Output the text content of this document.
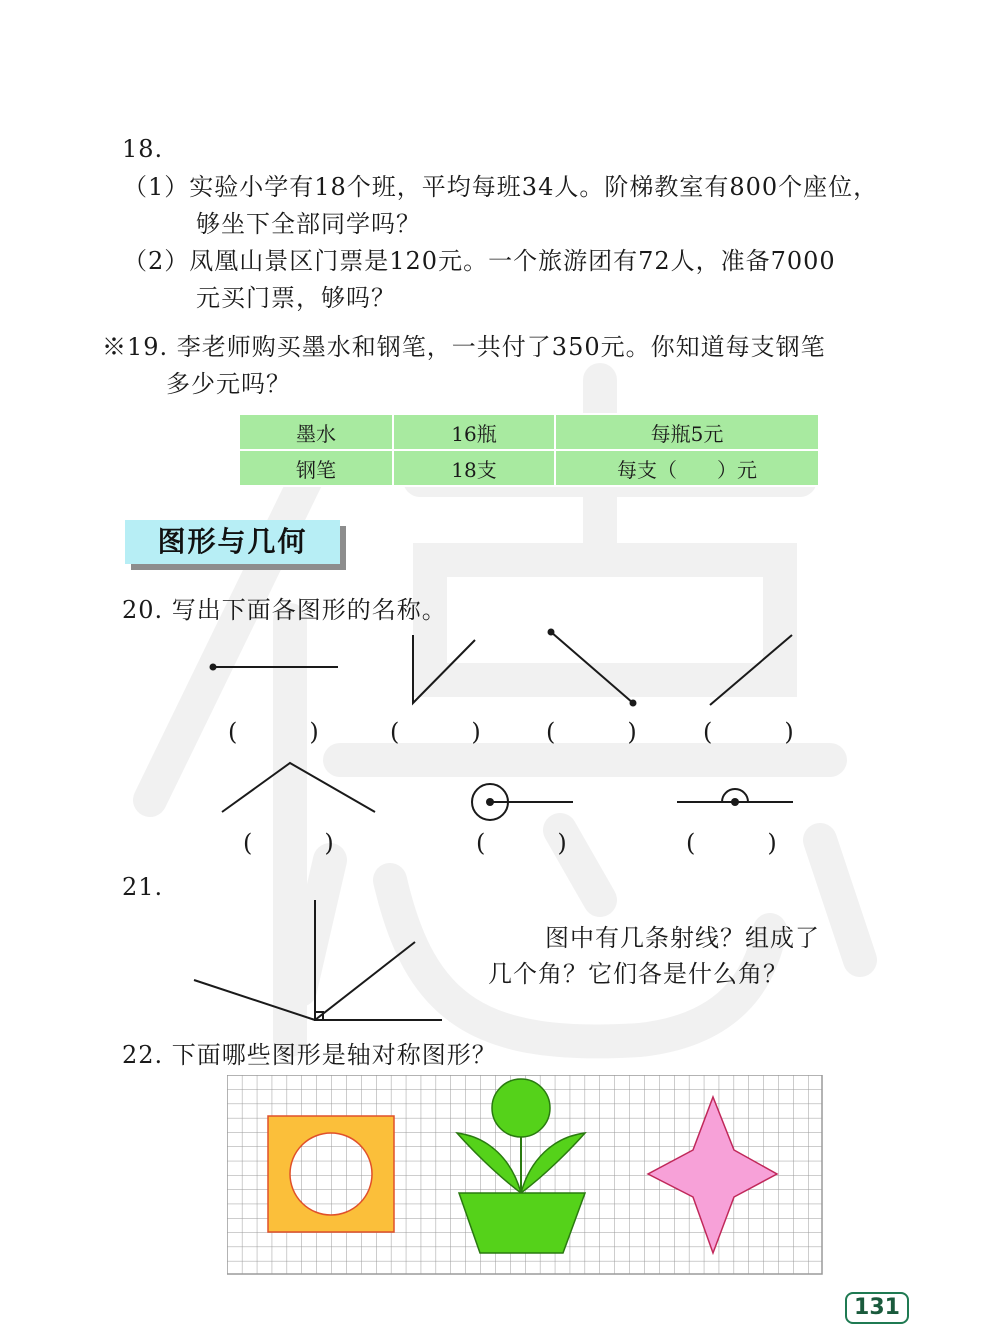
18.
（1）实验小学有18个班，平均每班34人。阶梯教室有800个座位，
够坐下全部同学吗？
（2）凤凰山景区门票是120元。一个旅游团有72人，准备7000
元买门票，够吗？
※19. 李老师购买墨水和钢笔，一共付了350元。你知道每支钢笔
多少元吗？
墨水	16瓶	每瓶5元
钢笔	18支	每支（　　）元
图形与几何
20. 写出下面各图形的名称。
(　　　)	(　　　)	(　　　)	(　　　)
(　　　)	(　　　)	(　　　)
21.
图中有几条射线？组成了
几个角？它们各是什么角？
22. 下面哪些图形是轴对称图形？
131
